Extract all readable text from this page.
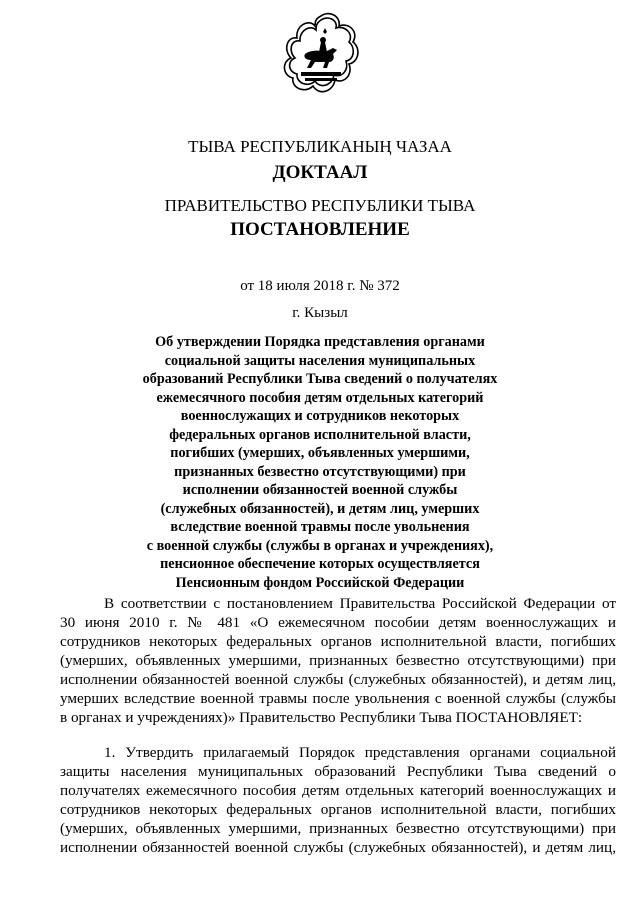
ТЫВА РЕСПУБЛИКАНЫҢ ЧАЗАА
ДОКТААЛ
ПРАВИТЕЛЬСТВО РЕСПУБЛИКИ ТЫВА
ПОСТАНОВЛЕНИЕ
от 18 июля 2018 г. № 372
г. Кызыл
Об утверждении Порядка представления органами
социальной защиты населения муниципальных
образований Республики Тыва сведений о получателях
ежемесячного пособия детям отдельных категорий
военнослужащих и сотрудников некоторых
федеральных органов исполнительной власти,
погибших (умерших, объявленных умершими,
признанных безвестно отсутствующими) при
исполнении обязанностей военной службы
(служебных обязанностей), и детям лиц, умерших
вследствие военной травмы после увольнения
с военной службы (службы в органах и учреждениях),
пенсионное обеспечение которых осуществляется
Пенсионным фондом Российской Федерации
В соответствии с постановлением Правительства Российской Федерации от
30 июня 2010 г. № 481 «О ежемесячном пособии детям военнослужащих и
сотрудников некоторых федеральных органов исполнительной власти, погибших
(умерших, объявленных умершими, признанных безвестно отсутствующими) при
исполнении обязанностей военной службы (служебных обязанностей), и детям лиц,
умерших вследствие военной травмы после увольнения с военной службы (службы
в органах и учреждениях)» Правительство Республики Тыва ПОСТАНОВЛЯЕТ:
1. Утвердить прилагаемый Порядок представления органами социальной
защиты населения муниципальных образований Республики Тыва сведений о
получателях ежемесячного пособия детям отдельных категорий военнослужащих и
сотрудников некоторых федеральных органов исполнительной власти, погибших
(умерших, объявленных умершими, признанных безвестно отсутствующими) при
исполнении обязанностей военной службы (служебных обязанностей), и детям лиц,
